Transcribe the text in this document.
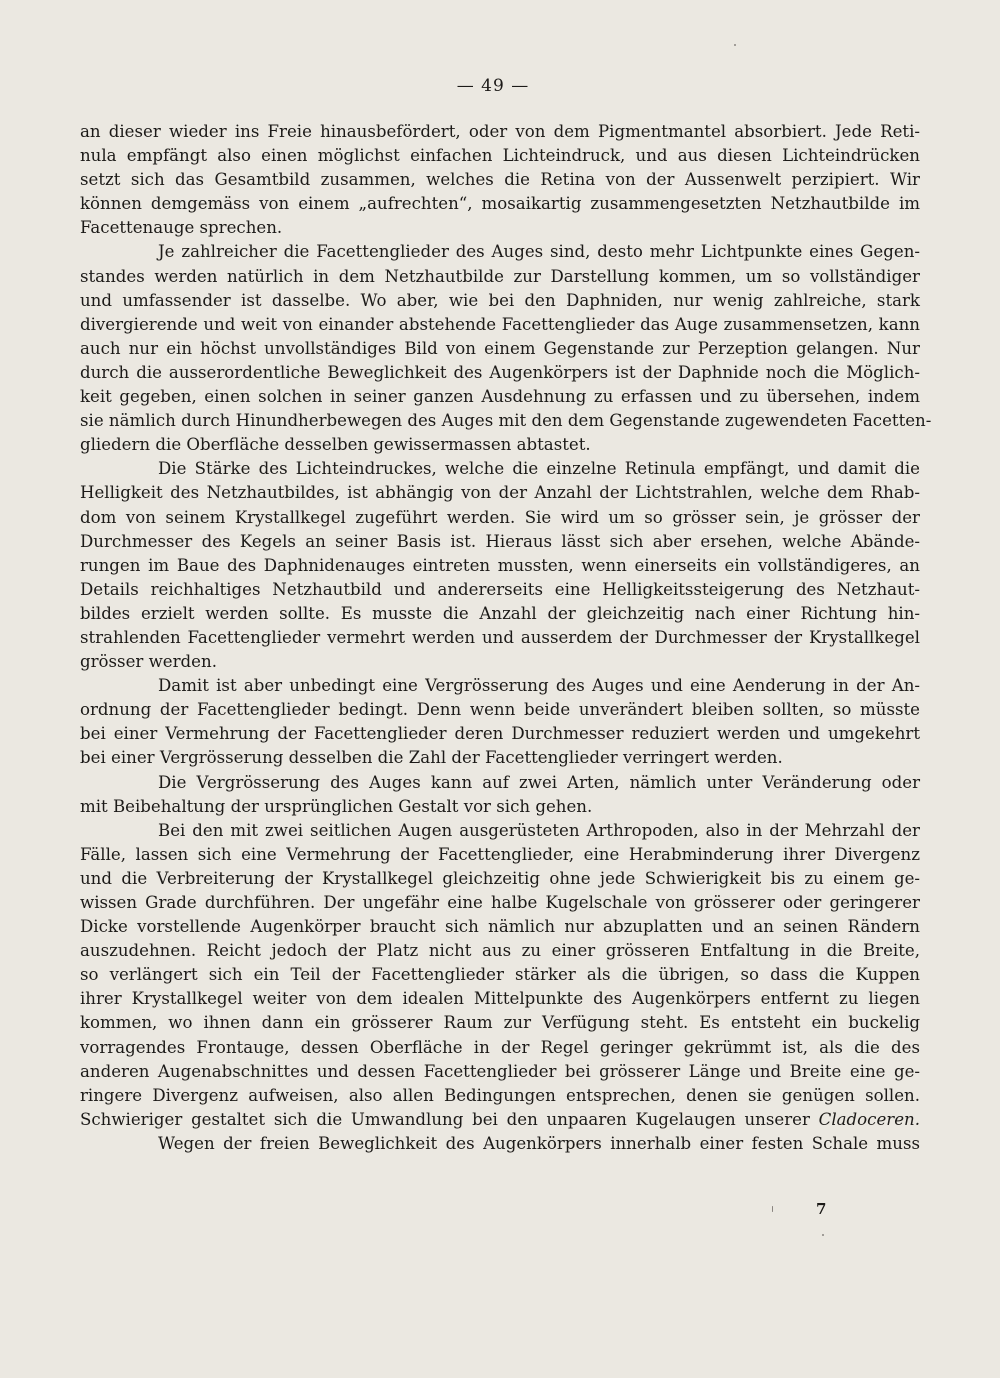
— 49 —
an dieser wieder ins Freie hinausbefördert, oder von dem Pigmentmantel absorbiert. Jede Reti-
nula empfängt also einen möglichst einfachen Lichteindruck, und aus diesen Lichteindrücken
setzt sich das Gesamtbild zusammen, welches die Retina von der Aussenwelt perzipiert. Wir
können demgemäss von einem „aufrechten“, mosaikartig zusammengesetzten Netzhautbilde im
Facettenauge sprechen.
Je zahlreicher die Facettenglieder des Auges sind, desto mehr Lichtpunkte eines Gegen-
standes werden natürlich in dem Netzhautbilde zur Darstellung kommen, um so vollständiger
und umfassender ist dasselbe. Wo aber, wie bei den Daphniden, nur wenig zahlreiche, stark
divergierende und weit von einander abstehende Facettenglieder das Auge zusammensetzen, kann
auch nur ein höchst unvollständiges Bild von einem Gegenstande zur Perzeption gelangen. Nur
durch die ausserordentliche Beweglichkeit des Augenkörpers ist der Daphnide noch die Möglich-
keit gegeben, einen solchen in seiner ganzen Ausdehnung zu erfassen und zu übersehen, indem
sie nämlich durch Hinundherbewegen des Auges mit den dem Gegenstande zugewendeten Facetten-
gliedern die Oberfläche desselben gewissermassen abtastet.
Die Stärke des Lichteindruckes, welche die einzelne Retinula empfängt, und damit die
Helligkeit des Netzhautbildes, ist abhängig von der Anzahl der Lichtstrahlen, welche dem Rhab-
dom von seinem Krystallkegel zugeführt werden. Sie wird um so grösser sein, je grösser der
Durchmesser des Kegels an seiner Basis ist. Hieraus lässt sich aber ersehen, welche Abände-
rungen im Baue des Daphnidenauges eintreten mussten, wenn einerseits ein vollständigeres, an
Details reichhaltiges Netzhautbild und andererseits eine Helligkeitssteigerung des Netzhaut-
bildes erzielt werden sollte. Es musste die Anzahl der gleichzeitig nach einer Richtung hin-
strahlenden Facettenglieder vermehrt werden und ausserdem der Durchmesser der Krystallkegel
grösser werden.
Damit ist aber unbedingt eine Vergrösserung des Auges und eine Aenderung in der An-
ordnung der Facettenglieder bedingt. Denn wenn beide unverändert bleiben sollten, so müsste
bei einer Vermehrung der Facettenglieder deren Durchmesser reduziert werden und umgekehrt
bei einer Vergrösserung desselben die Zahl der Facettenglieder verringert werden.
Die Vergrösserung des Auges kann auf zwei Arten, nämlich unter Veränderung oder
mit Beibehaltung der ursprünglichen Gestalt vor sich gehen.
Bei den mit zwei seitlichen Augen ausgerüsteten Arthropoden, also in der Mehrzahl der
Fälle, lassen sich eine Vermehrung der Facettenglieder, eine Herabminderung ihrer Divergenz
und die Verbreiterung der Krystallkegel gleichzeitig ohne jede Schwierigkeit bis zu einem ge-
wissen Grade durchführen. Der ungefähr eine halbe Kugelschale von grösserer oder geringerer
Dicke vorstellende Augenkörper braucht sich nämlich nur abzuplatten und an seinen Rändern
auszudehnen. Reicht jedoch der Platz nicht aus zu einer grösseren Entfaltung in die Breite,
so verlängert sich ein Teil der Facettenglieder stärker als die übrigen, so dass die Kuppen
ihrer Krystallkegel weiter von dem idealen Mittelpunkte des Augenkörpers entfernt zu liegen
kommen, wo ihnen dann ein grösserer Raum zur Verfügung steht. Es entsteht ein buckelig
vorragendes Frontauge, dessen Oberfläche in der Regel geringer gekrümmt ist, als die des
anderen Augenabschnittes und dessen Facettenglieder bei grösserer Länge und Breite eine ge-
ringere Divergenz aufweisen, also allen Bedingungen entsprechen, denen sie genügen sollen.
Schwieriger gestaltet sich die Umwandlung bei den unpaaren Kugelaugen unserer Cladoceren.
Wegen der freien Beweglichkeit des Augenkörpers innerhalb einer festen Schale muss
7
